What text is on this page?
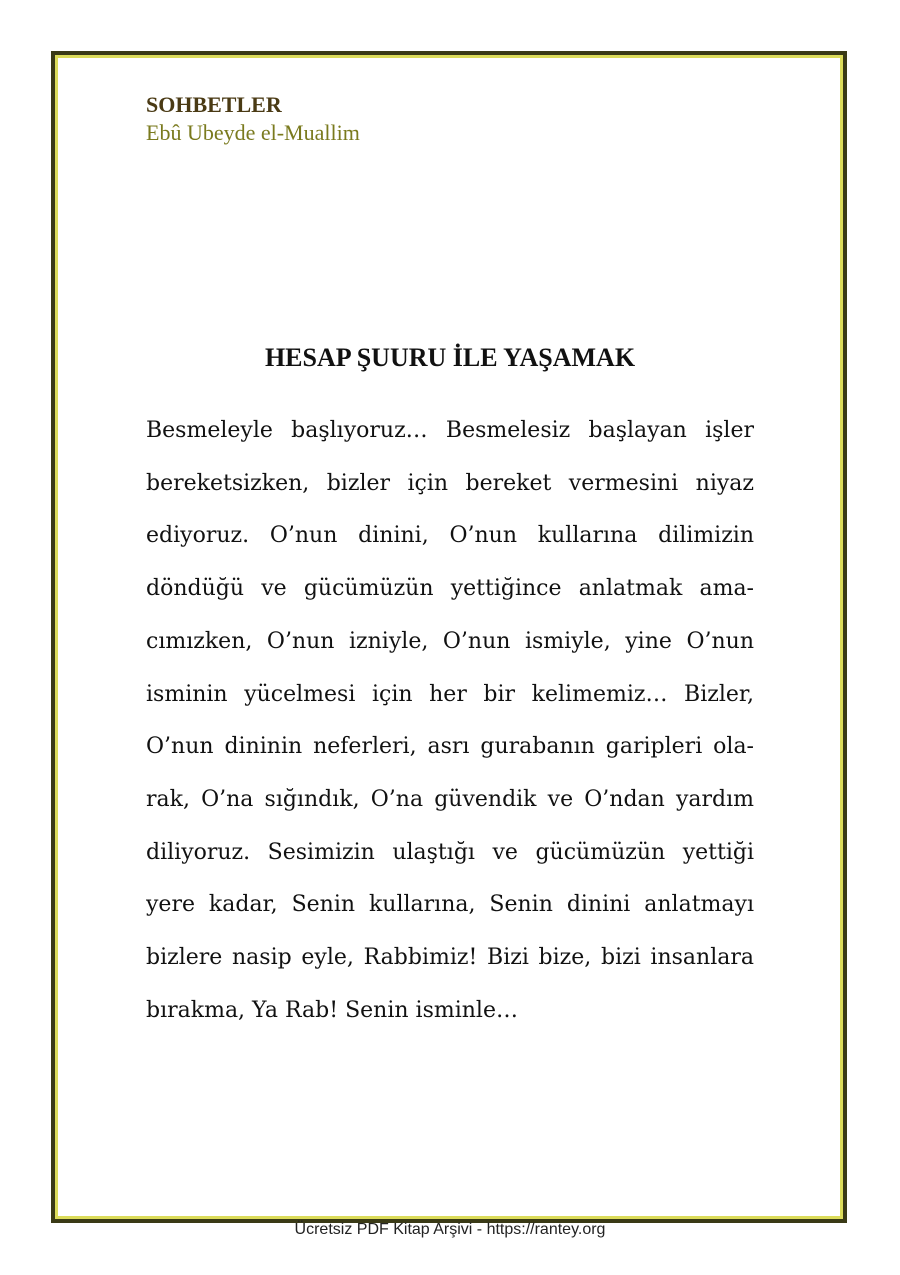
SOHBETLER

Ebû Ubeyde el-Muallim

HESAP ŞUURU İLE YAŞAMAK
Besmeleyle başlıyoruz… Besmelesiz başlayan işler
bereketsizken, bizler için bereket vermesini niyaz
ediyoruz. O’nun dinini, O’nun kullarına dilimizin
döndüğü ve gücümüzün yettiğince anlatmak ama-
cımızken, O’nun izniyle, O’nun ismiyle, yine O’nun
isminin yücelmesi için her bir kelimemiz… Bizler,
O’nun dininin neferleri, asrı gurabanın garipleri ola-
rak, O’na sığındık, O’na güvendik ve O’ndan yardım
diliyoruz. Sesimizin ulaştığı ve gücümüzün yettiği
yere kadar, Senin kullarına, Senin dinini anlatmayı
bizlere nasip eyle, Rabbimiz! Bizi bize, bizi insanlara
bırakma, Ya Rab! Senin isminle…
Ücretsiz PDF Kitap Arşivi - https://rantey.org
